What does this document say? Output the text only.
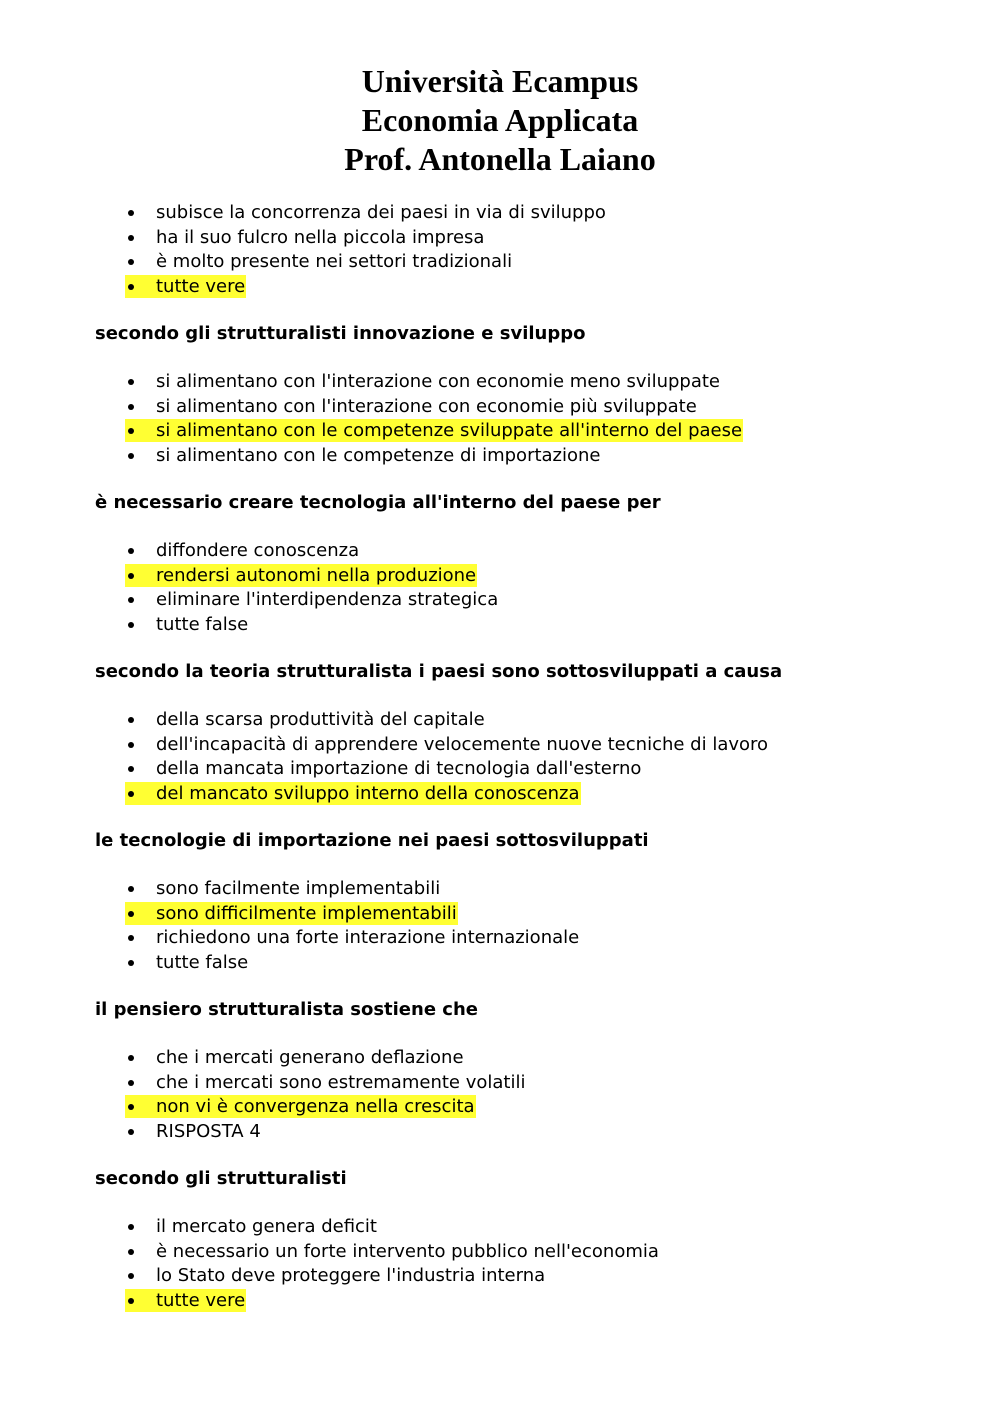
Università Ecampus
Economia Applicata
Prof. Antonella Laiano
subisce la concorrenza dei paesi in via di sviluppo
ha il suo fulcro nella piccola impresa
è molto presente nei settori tradizionali
tutte vere
secondo gli strutturalisti innovazione e sviluppo
si alimentano con l'interazione con economie meno sviluppate
si alimentano con l'interazione con economie più sviluppate
si alimentano con le competenze sviluppate all'interno del paese
si alimentano con le competenze di importazione
è necessario creare tecnologia all'interno del paese per
diffondere conoscenza
rendersi autonomi nella produzione
eliminare l'interdipendenza strategica
tutte false
secondo la teoria strutturalista i paesi sono sottosviluppati a causa
della scarsa produttività del capitale
dell'incapacità di apprendere velocemente nuove tecniche di lavoro
della mancata importazione di tecnologia dall'esterno
del mancato sviluppo interno della conoscenza
le tecnologie di importazione nei paesi sottosviluppati
sono facilmente implementabili
sono difficilmente implementabili
richiedono una forte interazione internazionale
tutte false
il pensiero strutturalista sostiene che
che i mercati generano deflazione
che i mercati sono estremamente volatili
non vi è convergenza nella crescita
RISPOSTA 4
secondo gli strutturalisti
il mercato genera deficit
è necessario un forte intervento pubblico nell'economia
lo Stato deve proteggere l'industria interna
tutte vere
